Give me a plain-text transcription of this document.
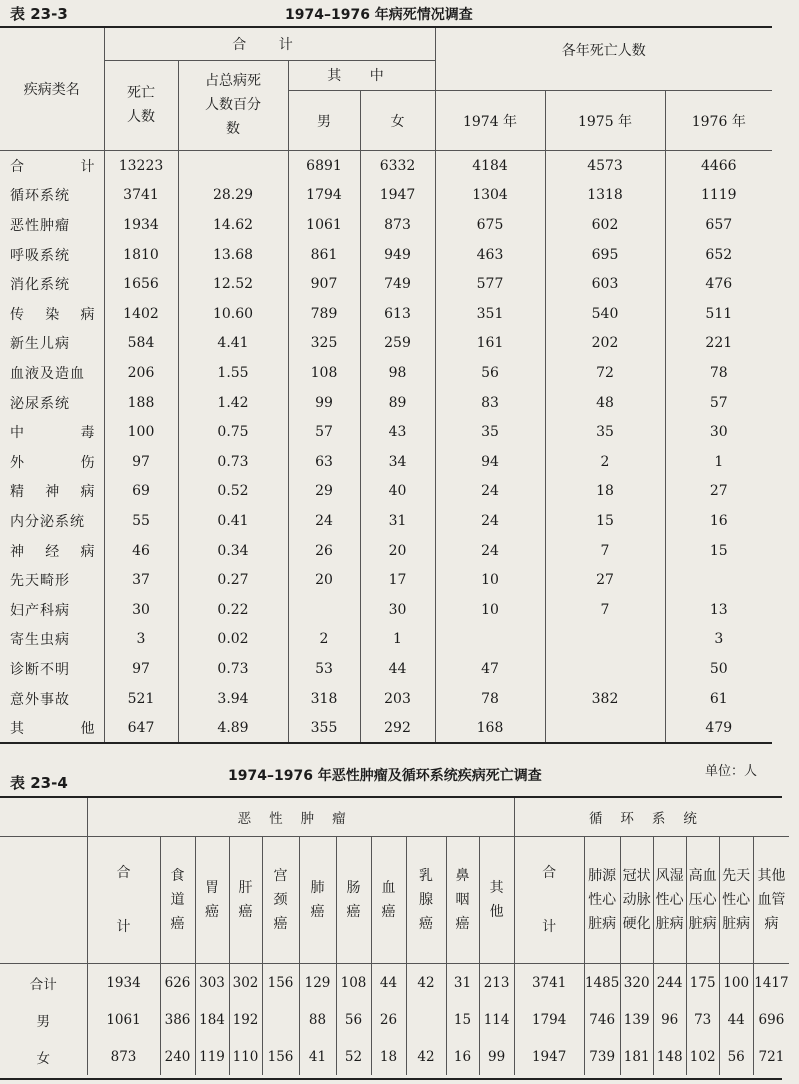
表 23-3	1974–1976 年病死情况调查
疾病类名	合 计				各年死亡人数		
	死亡人数	占总病死人数百分数	其 中				
			男	女	1974 年	1975 年	1976 年
合 计	13223		6891	6332	4184	4573	4466
循环系统	3741	28.29	1794	1947	1304	1318	1119
恶性肿瘤	1934	14.62	1061	873	675	602	657
呼吸系统	1810	13.68	861	949	463	695	652
消化系统	1656	12.52	907	749	577	603	476
传 染 病	1402	10.60	789	613	351	540	511
新生儿病	584	4.41	325	259	161	202	221
血液及造血	206	1.55	108	98	56	72	78
泌尿系统	188	1.42	99	89	83	48	57
中 毒	100	0.75	57	43	35	35	30
外 伤	97	0.73	63	34	94	2	1
精 神 病	69	0.52	29	40	24	18	27
内分泌系统	55	0.41	24	31	24	15	16
神 经 病	46	0.34	26	20	24	7	15
先天畸形	37	0.27	20	17	10	27	
妇产科病	30	0.22		30	10	7	13
寄生虫病	3	0.02	2	1			3
诊断不明	97	0.73	53	44	47		50
意外事故	521	3.94	318	203	78	382	61
其 他	647	4.89	355	292	168		479
表 23-4	1974–1976 年恶性肿瘤及循环系统疾病死亡调查	单位：人
	恶性肿瘤											循环系统						
	合计	食道癌	胃癌	肝癌	宫颈癌	肺癌	肠癌	血癌	乳腺癌	鼻咽癌	其他	合计	肺源性心脏病	冠状动脉硬化	风湿性心脏病	高血压心脏病	先天性心脏病	其他血管病
合计	1934	626	303	302	156	129	108	44	42	31	213	3741	1485	320	244	175	100	1417
男	1061	386	184	192		88	56	26		15	114	1794	746	139	96	73	44	696
女	873	240	119	110	156	41	52	18	42	16	99	1947	739	181	148	102	56	721
